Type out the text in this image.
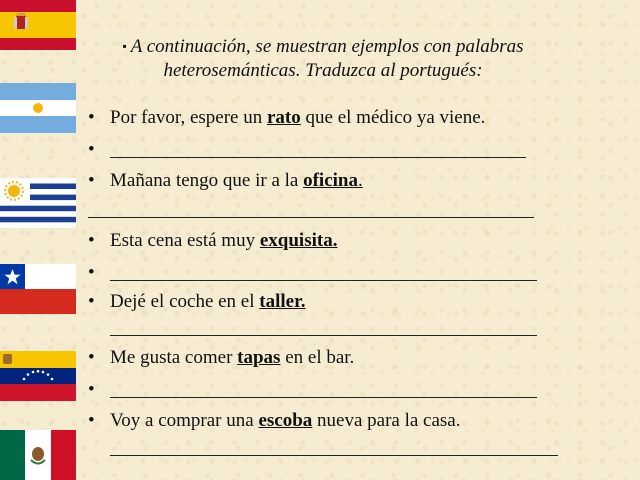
▪ A continuación, se muestran ejemplos con palabras
heterosemánticas. Traduzca al portugués:
• Por favor, espere un rato que el médico ya viene.
•
• Mañana tengo que ir a la oficina.
• Esta cena está muy exquisita.
•
• Dejé el coche en el taller.
• Me gusta comer tapas en el bar.
•
• Voy a comprar una escoba nueva para la casa.
